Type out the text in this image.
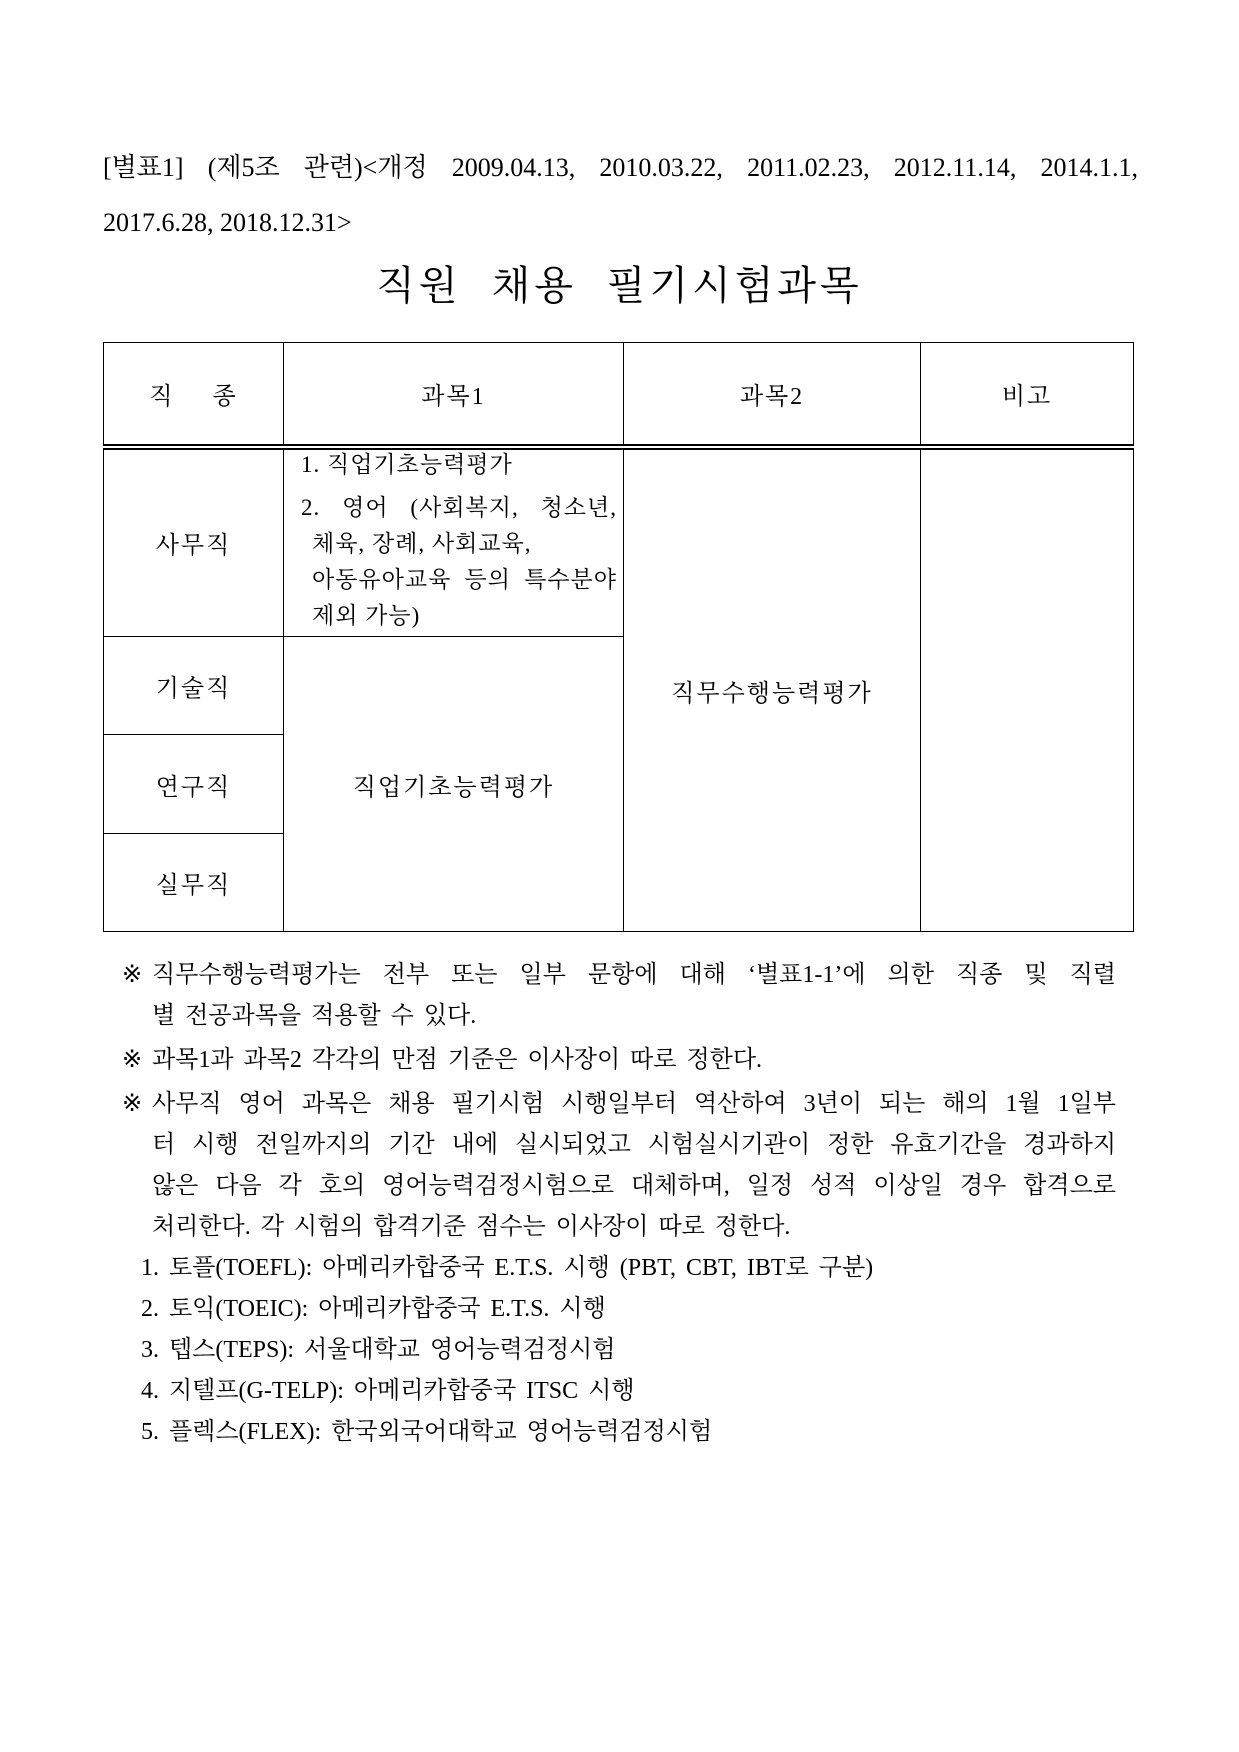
[별표1] (제5조 관련)<개정 2009.04.13, 2010.03.22, 2011.02.23, 2012.11.14, 2014.1.1,
2017.6.28, 2018.12.31>
직원 채용 필기시험과목
직 종	과목1	과목2	비고
사무직	1. 직업기초능력평가
2. 영어 (사회복지, 청소년,
체육, 장례, 사회교육,
아동유아교육 등의 특수분야
제외 가능)	직무수행능력평가	
기술직	직업기초능력평가		
연구직			
실무직			
※ 직무수행능력평가는 전부 또는 일부 문항에 대해 ‘별표1-1’에 의한 직종 및 직렬
별 전공과목을 적용할 수 있다.
※ 과목1과 과목2 각각의 만점 기준은 이사장이 따로 정한다.
※ 사무직 영어 과목은 채용 필기시험 시행일부터 역산하여 3년이 되는 해의 1월 1일부
터 시행 전일까지의 기간 내에 실시되었고 시험실시기관이 정한 유효기간을 경과하지
않은 다음 각 호의 영어능력검정시험으로 대체하며, 일정 성적 이상일 경우 합격으로
처리한다. 각 시험의 합격기준 점수는 이사장이 따로 정한다.
1. 토플(TOEFL): 아메리카합중국 E.T.S. 시행 (PBT, CBT, IBT로 구분)
2. 토익(TOEIC): 아메리카합중국 E.T.S. 시행
3. 텝스(TEPS): 서울대학교 영어능력검정시험
4. 지텔프(G-TELP): 아메리카합중국 ITSC 시행
5. 플렉스(FLEX): 한국외국어대학교 영어능력검정시험
